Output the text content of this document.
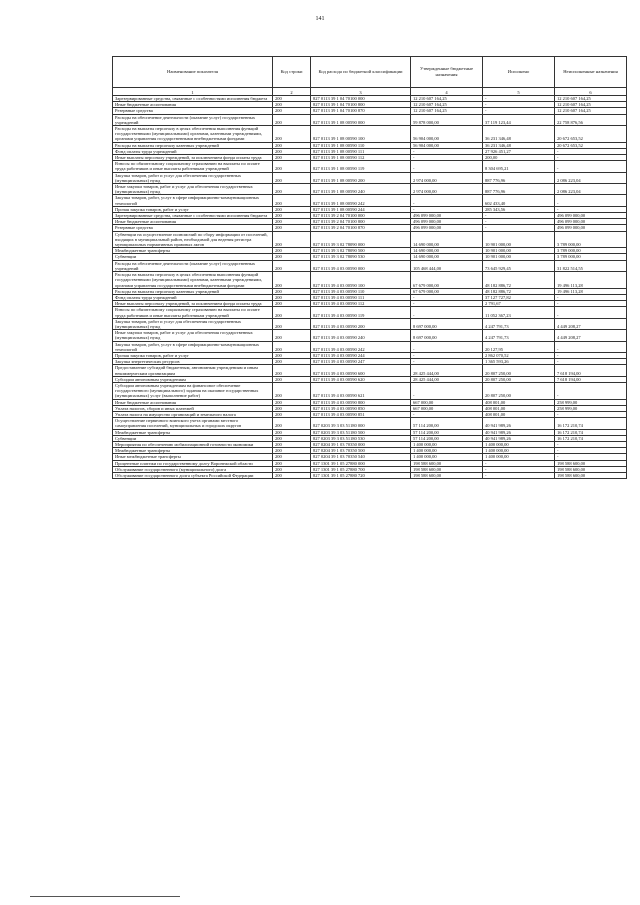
141
Наименование показателя	Код строки	Код расхода по бюджетной классификации	Утвержденные бюджетные назначения	Исполнено	Неисполненные назначения
1	2	3	4	5	6
Зарезервированные средства, связанные с особенностями исполнения бюджета	200	827 0113 39 1 04 70100 000	12 210 607 164,25	-	12 210 607 164,25
Иные бюджетные ассигнования	200	827 0113 39 1 04 70100 800	12 210 607 164,25	-	12 210 607 164,25
Резервные средства	200	827 0113 39 1 04 70100 870	12 210 607 164,25	-	12 210 607 164,25
Расходы на обеспечение деятельности (оказание услуг) государственных учреждений	200	827 0113 39 1 08 00590 000	59 878 000,00	37 119 123,44	22 758 876,56
Расходы на выплаты персоналу в целях обеспечения выполнения функций государственными (муниципальными) органами, казенными учреждениями, органами управления государственными внебюджетными фондами	200	827 0113 39 1 08 00590 100	56 904 000,00	36 231 346,48	20 672 653,52
Расходы на выплаты персоналу казенных учреждений	200	827 0113 39 1 08 00590 110	56 904 000,00	36 231 346,48	20 672 653,52
Фонд оплаты труда учреждений	200	827 0113 39 1 08 00590 111	-	27 926 451,27	-
Иные выплаты персоналу учреждений, за исключением фонда оплаты труда	200	827 0113 39 1 08 00590 112	-	200,00	-
Взносы по обязательному социальному страхованию на выплаты по оплате труда работников и иные выплаты работникам учреждений	200	827 0113 39 1 08 00590 119	-	8 304 695,21	-
Закупка товаров, работ и услуг для обеспечения государственных (муниципальных) нужд	200	827 0113 39 1 08 00590 200	2 974 000,00	887 776,96	2 086 223,04
Иные закупки товаров, работ и услуг для обеспечения государственных (муниципальных) нужд	200	827 0113 39 1 08 00590 240	2 974 000,00	887 776,96	2 086 223,04
Закупка товаров, работ, услуг в сфере информационно-коммуникационных технологий	200	827 0113 39 1 08 00590 242	-	602 433,40	-
Прочая закупка товаров, работ и услуг	200	827 0113 39 1 08 00590 244	-	285 343,56	-
Зарезервированные средства, связанные с особенностями исполнения бюджета	200	827 0113 39 2 04 70100 000	496 099 000,00	-	496 099 000,00
Иные бюджетные ассигнования	200	827 0113 39 2 04 70100 800	496 099 000,00	-	496 099 000,00
Резервные средства	200	827 0113 39 2 04 70100 870	496 099 000,00	-	496 099 000,00
Субвенции на осуществление полномочий по сбору информации от поселений, входящих в муниципальный район, необходимой для ведения регистра муниципальных нормативных правовых актов	200	827 0113 39 3 02 78090 000	14 690 000,00	10 901 000,00	3 789 000,00
Межбюджетные трансферты	200	827 0113 39 3 02 78090 500	14 690 000,00	10 901 000,00	3 789 000,00
Субвенции	200	827 0113 39 3 02 78090 530	14 690 000,00	10 901 000,00	3 789 000,00
Расходы на обеспечение деятельности (оказание услуг) государственных учреждений	200	827 0113 39 4 03 00590 000	105 468 444,00	73 645 929,45	31 822 514,55
Расходы на выплаты персоналу в целях обеспечения выполнения функций государственными (муниципальными) органами, казенными учреждениями, органами управления государственными внебюджетными фондами	200	827 0113 39 4 03 00590 100	67 679 000,00	48 182 886,72	19 496 113,28
Расходы на выплаты персоналу казенных учреждений	200	827 0113 39 4 03 00590 110	67 679 000,00	48 182 886,72	19 496 113,28
Фонд оплаты труда учреждений	200	827 0113 39 4 03 00590 111	-	37 127 727,82	-
Иные выплаты персоналу учреждений, за исключением фонда оплаты труда	200	827 0113 39 4 03 00590 112	-	2 791,67	-
Взносы по обязательному социальному страхованию на выплаты по оплате труда работников и иные выплаты работникам учреждений	200	827 0113 39 4 03 00590 119	-	11 052 367,23	-
Закупка товаров, работ и услуг для обеспечения государственных (муниципальных) нужд	200	827 0113 39 4 03 00590 200	8 697 000,00	4 247 791,73	4 449 208,27
Иные закупки товаров, работ и услуг для обеспечения государственных (муниципальных) нужд	200	827 0113 39 4 03 00590 240	8 697 000,00	4 247 791,73	4 449 208,27
Закупка товаров, работ, услуг в сфере информационно-коммуникационных технологий	200	827 0113 39 4 03 00590 242	-	20 127,95	-
Прочая закупка товаров, работ и услуг	200	827 0113 39 4 03 00590 244	-	2 862 070,52	-
Закупка энергетических ресурсов	200	827 0113 39 4 03 00590 247	-	1 365 593,26	-
Предоставление субсидий бюджетным, автономным учреждениям и иным некоммерческим организациям	200	827 0113 39 4 03 00590 600	28 425 444,00	20 807 250,00	7 618 194,00
Субсидии автономным учреждениям	200	827 0113 39 4 03 00590 620	28 425 444,00	20 807 250,00	7 618 194,00
Субсидии автономным учреждениям на финансовое обеспечение государственного (муниципального) задания на оказание государственных (муниципальных) услуг (выполнение работ)	200	827 0113 39 4 03 00590 621	-	20 807 250,00	-
Иные бюджетные ассигнования	200	827 0113 39 4 03 00590 800	667 000,00	408 001,00	258 999,00
Уплата налогов, сборов и иных платежей	200	827 0113 39 4 03 00590 850	667 000,00	408 001,00	258 999,00
Уплата налога на имущество организаций и земельного налога	200	827 0113 39 4 03 00590 851	-	408 001,00	-
Осуществление первичного воинского учета органами местного самоуправления поселений, муниципальных и городских округов	200	827 0203 39 3 03 51180 000	57 114 200,00	40 941 989,26	16 172 210,74
Межбюджетные трансферты	200	827 0203 39 3 03 51180 500	57 114 200,00	40 941 989,26	16 172 210,74
Субвенции	200	827 0203 39 3 03 51180 530	57 114 200,00	40 941 989,26	16 172 210,74
Мероприятия по обеспечению мобилизационной готовности экономики	200	827 0204 39 1 03 70350 000	1 400 000,00	1 400 000,00	-
Межбюджетные трансферты	200	827 0204 39 1 03 70350 500	1 400 000,00	1 400 000,00	-
Иные межбюджетные трансферты	200	827 0204 39 1 03 70350 540	1 400 000,00	1 400 000,00	-
Процентные платежи по государственному долгу Воронежской области	200	827 1301 39 1 05 27880 000	198 588 600,00	-	198 588 600,00
Обслуживание государственного (муниципального) долга	200	827 1301 39 1 05 27880 700	198 588 600,00	-	198 588 600,00
Обслуживание государственного долга субъекта Российской Федерации	200	827 1301 39 1 05 27880 720	198 588 600,00	-	198 588 600,00
